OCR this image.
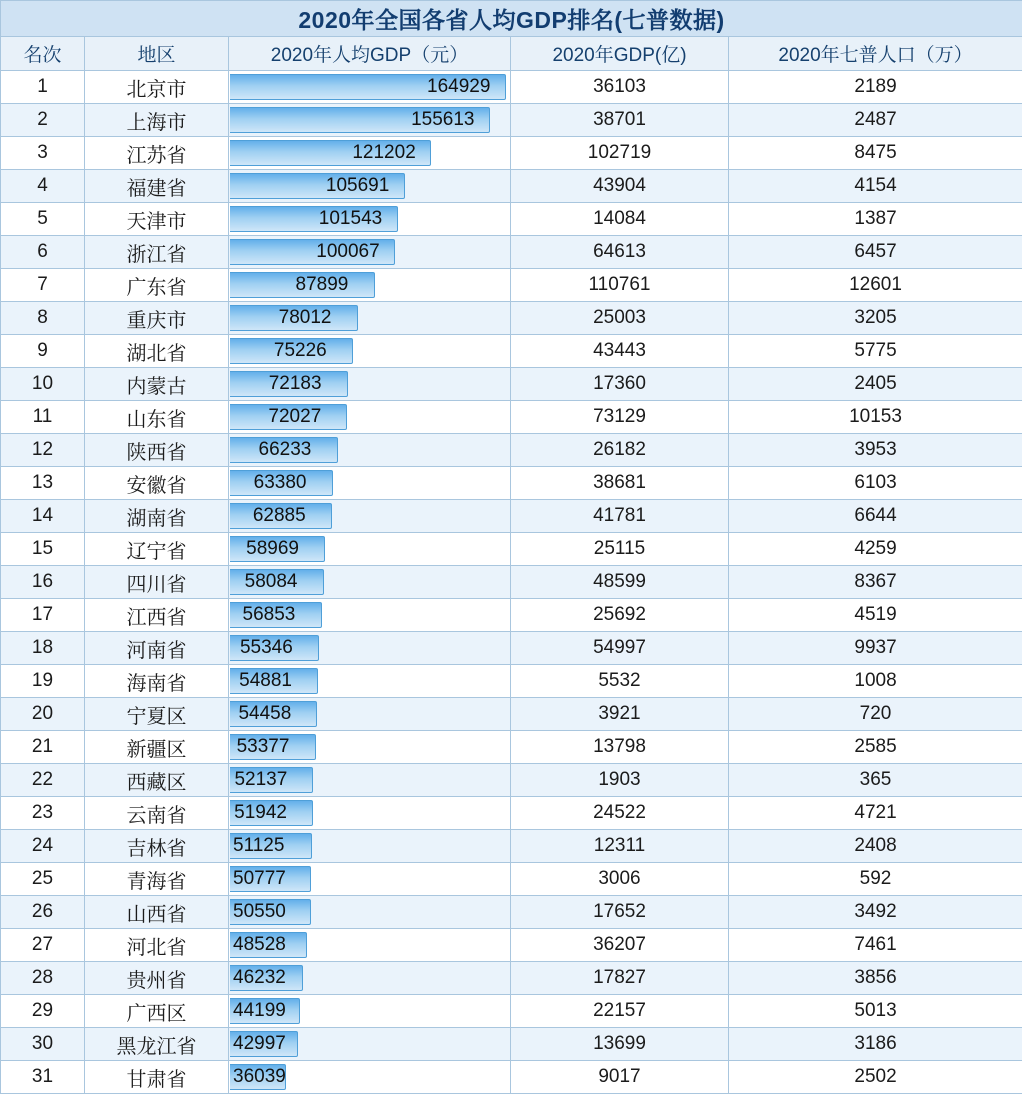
2020年全国各省人均GDP排名(七普数据)				
名次	地区	2020年人均GDP（元）	2020年GDP(亿)	2020年七普人口（万）
1	北京市	164929	36103	2189
2	上海市	155613	38701	2487
3	江苏省	121202	102719	8475
4	福建省	105691	43904	4154
5	天津市	101543	14084	1387
6	浙江省	100067	64613	6457
7	广东省	87899	110761	12601
8	重庆市	78012	25003	3205
9	湖北省	75226	43443	5775
10	内蒙古	72183	17360	2405
11	山东省	72027	73129	10153
12	陕西省	66233	26182	3953
13	安徽省	63380	38681	6103
14	湖南省	62885	41781	6644
15	辽宁省	58969	25115	4259
16	四川省	58084	48599	8367
17	江西省	56853	25692	4519
18	河南省	55346	54997	9937
19	海南省	54881	5532	1008
20	宁夏区	54458	3921	720
21	新疆区	53377	13798	2585
22	西藏区	52137	1903	365
23	云南省	51942	24522	4721
24	吉林省	51125	12311	2408
25	青海省	50777	3006	592
26	山西省	50550	17652	3492
27	河北省	48528	36207	7461
28	贵州省	46232	17827	3856
29	广西区	44199	22157	5013
30	黑龙江省	42997	13699	3186
31	甘肃省	36039	9017	2502
